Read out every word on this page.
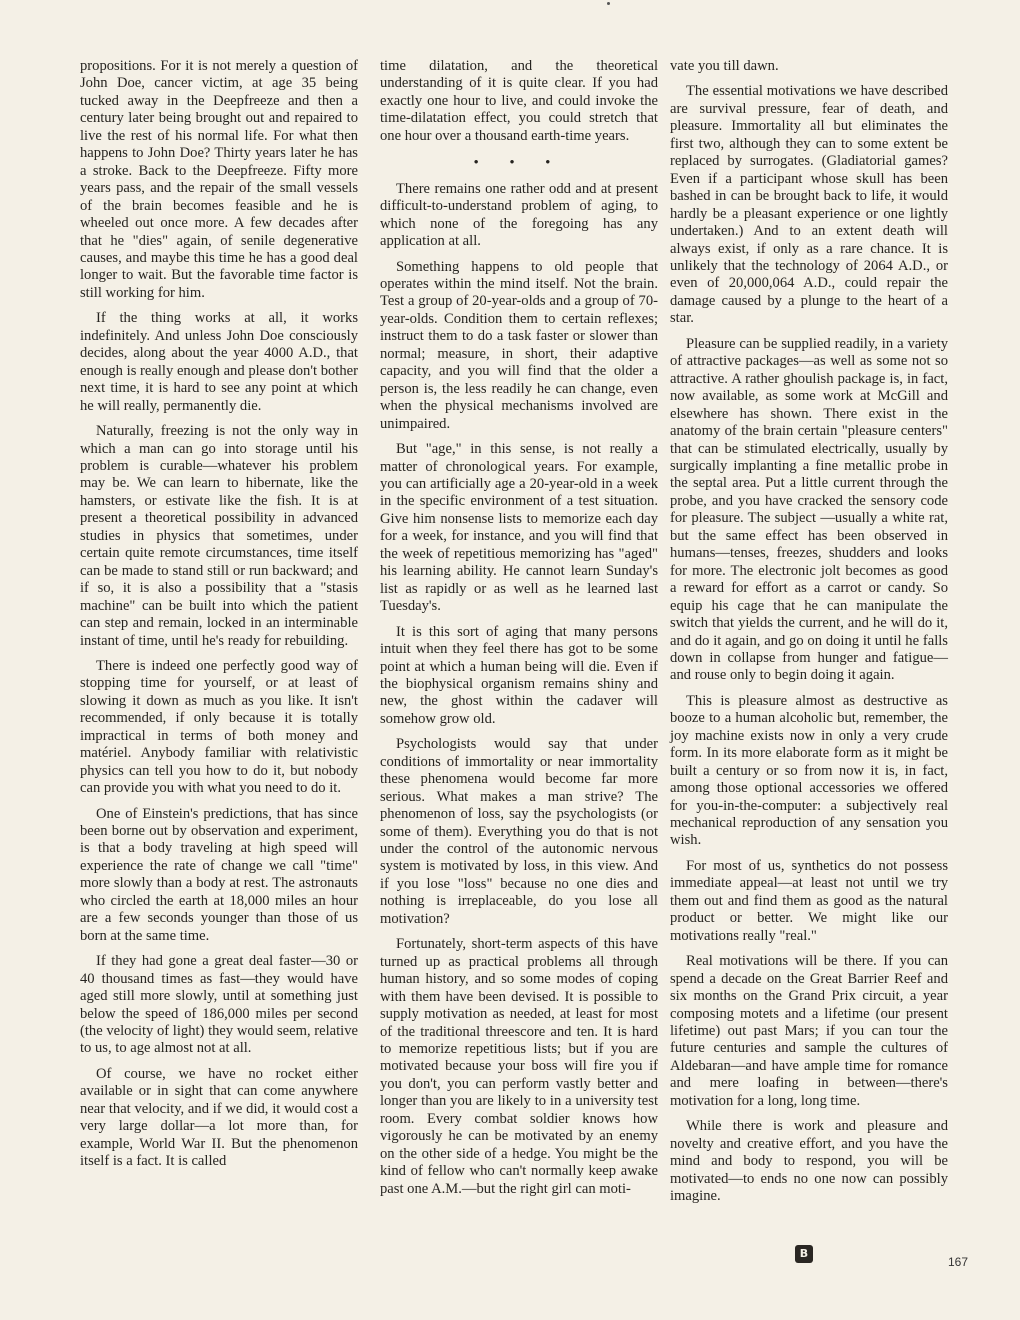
propositions. For it is not merely a question of John Doe, cancer victim, at age 35 being tucked away in the Deepfreeze and then a century later being brought out and repaired to live the rest of his normal life. For what then happens to John Doe? Thirty years later he has a stroke. Back to the Deepfreeze. Fifty more years pass, and the repair of the small vessels of the brain becomes feasible and he is wheeled out once more. A few decades after that he "dies" again, of senile degenerative causes, and maybe this time he has a good deal longer to wait. But the favorable time factor is still working for him.

If the thing works at all, it works indefinitely. And unless John Doe consciously decides, along about the year 4000 A.D., that enough is really enough and please don't bother next time, it is hard to see any point at which he will really, permanently die.

Naturally, freezing is not the only way in which a man can go into storage until his problem is curable—whatever his problem may be. We can learn to hibernate, like the hamsters, or estivate like the fish. It is at present a theoretical possibility in advanced studies in physics that sometimes, under certain quite remote circumstances, time itself can be made to stand still or run backward; and if so, it is also a possibility that a "stasis machine" can be built into which the patient can step and remain, locked in an interminable instant of time, until he's ready for rebuilding.

There is indeed one perfectly good way of stopping time for yourself, or at least of slowing it down as much as you like. It isn't recommended, if only because it is totally impractical in terms of both money and matériel. Anybody familiar with relativistic physics can tell you how to do it, but nobody can provide you with what you need to do it.

One of Einstein's predictions, that has since been borne out by observation and experiment, is that a body traveling at high speed will experience the rate of change we call "time" more slowly than a body at rest. The astronauts who circled the earth at 18,000 miles an hour are a few seconds younger than those of us born at the same time.

If they had gone a great deal faster—30 or 40 thousand times as fast—they would have aged still more slowly, until at something just below the speed of 186,000 miles per second (the velocity of light) they would seem, relative to us, to age almost not at all.

Of course, we have no rocket either available or in sight that can come anywhere near that velocity, and if we did, it would cost a very large dollar—a lot more than, for example, World War II. But the phenomenon itself is a fact. It is called

time dilatation, and the theoretical understanding of it is quite clear. If you had exactly one hour to live, and could invoke the time-dilatation effect, you could stretch that one hour over a thousand earth-time years.

• • •

There remains one rather odd and at present difficult-to-understand problem of aging, to which none of the foregoing has any application at all.

Something happens to old people that operates within the mind itself. Not the brain. Test a group of 20-year-olds and a group of 70-year-olds. Condition them to certain reflexes; instruct them to do a task faster or slower than normal; measure, in short, their adaptive capacity, and you will find that the older a person is, the less readily he can change, even when the physical mechanisms involved are unimpaired.

But "age," in this sense, is not really a matter of chronological years. For example, you can artificially age a 20-year-old in a week in the specific environment of a test situation. Give him nonsense lists to memorize each day for a week, for instance, and you will find that the week of repetitious memorizing has "aged" his learning ability. He cannot learn Sunday's list as rapidly or as well as he learned last Tuesday's.

It is this sort of aging that many persons intuit when they feel there has got to be some point at which a human being will die. Even if the biophysical organism remains shiny and new, the ghost within the cadaver will somehow grow old.

Psychologists would say that under conditions of immortality or near immortality these phenomena would become far more serious. What makes a man strive? The phenomenon of loss, say the psychologists (or some of them). Everything you do that is not under the control of the autonomic nervous system is motivated by loss, in this view. And if you lose "loss" because no one dies and nothing is irreplaceable, do you lose all motivation?

Fortunately, short-term aspects of this have turned up as practical problems all through human history, and so some modes of coping with them have been devised. It is possible to supply motivation as needed, at least for most of the traditional threescore and ten. It is hard to memorize repetitious lists; but if you are motivated because your boss will fire you if you don't, you can perform vastly better and longer than you are likely to in a university test room. Every combat soldier knows how vigorously he can be motivated by an enemy on the other side of a hedge. You might be the kind of fellow who can't normally keep awake past one A.M.—but the right girl can moti-

vate you till dawn.

The essential motivations we have described are survival pressure, fear of death, and pleasure. Immortality all but eliminates the first two, although they can to some extent be replaced by surrogates. (Gladiatorial games? Even if a participant whose skull has been bashed in can be brought back to life, it would hardly be a pleasant experience or one lightly undertaken.) And to an extent death will always exist, if only as a rare chance. It is unlikely that the technology of 2064 A.D., or even of 20,000,064 A.D., could repair the damage caused by a plunge to the heart of a star.

Pleasure can be supplied readily, in a variety of attractive packages—as well as some not so attractive. A rather ghoulish package is, in fact, now available, as some work at McGill and elsewhere has shown. There exist in the anatomy of the brain certain "pleasure centers" that can be stimulated electrically, usually by surgically implanting a fine metallic probe in the septal area. Put a little current through the probe, and you have cracked the sensory code for pleasure. The subject —usually a white rat, but the same effect has been observed in humans—tenses, freezes, shudders and looks for more. The electronic jolt becomes as good a reward for effort as a carrot or candy. So equip his cage that he can manipulate the switch that yields the current, and he will do it, and do it again, and go on doing it until he falls down in collapse from hunger and fatigue—and rouse only to begin doing it again.

This is pleasure almost as destructive as booze to a human alcoholic but, remember, the joy machine exists now in only a very crude form. In its more elaborate form as it might be built a century or so from now it is, in fact, among those optional accessories we offered for you-in-the-computer: a subjectively real mechanical reproduction of any sensation you wish.

For most of us, synthetics do not possess immediate appeal—at least not until we try them out and find them as good as the natural product or better. We might like our motivations really "real."

Real motivations will be there. If you can spend a decade on the Great Barrier Reef and six months on the Grand Prix circuit, a year composing motets and a lifetime (our present lifetime) out past Mars; if you can tour the future centuries and sample the cultures of Aldebaran—and have ample time for romance and mere loafing in between—there's motivation for a long, long time.

While there is work and pleasure and novelty and creative effort, and you have the mind and body to respond, you will be motivated—to ends no one now can possibly imagine.

B
167
